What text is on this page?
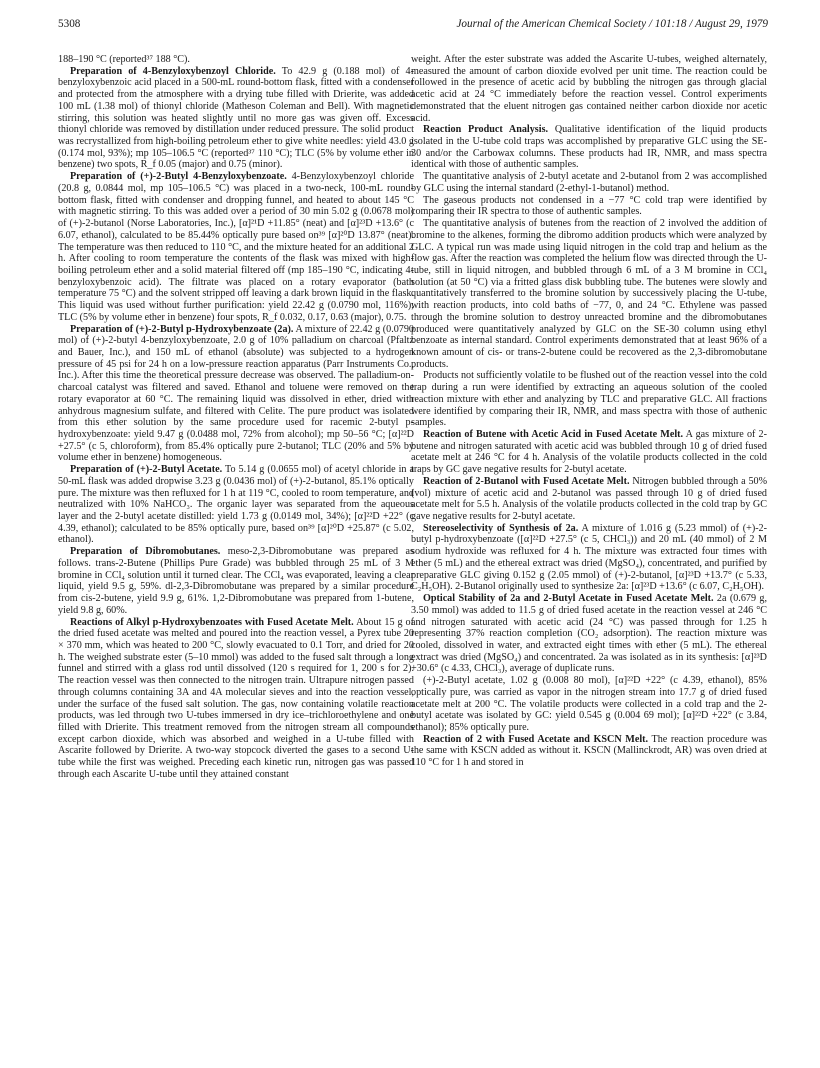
5308	Journal of the American Chemical Society / 101:18 / August 29, 1979

188–190 °C (reported³⁷ 188 °C).

Preparation of 4-Benzyloxybenzoyl Chloride. To 42.9 g (0.188 mol) of 4-benzyloxybenzoic acid placed in a 500-mL round-bottom flask, fitted with a condenser and protected from the atmosphere with a drying tube filled with Drierite, was added 100 mL (1.38 mol) of thionyl chloride (Matheson Coleman and Bell). With magnetic stirring, this solution was heated slightly until no more gas was given off. Excess thionyl chloride was removed by distillation under reduced pressure. The solid product was recrystallized from high-boiling petroleum ether to give white needles: yield 43.0 g (0.174 mol, 93%); mp 105–106.5 °C (reported³⁷ 110 °C); TLC (5% by volume ether in benzene) two spots, R_f 0.05 (major) and 0.75 (minor).

Preparation of (+)-2-Butyl 4-Benzyloxybenzoate. 4-Benzyloxybenzoyl chloride (20.8 g, 0.0844 mol, mp 105–106.5 °C) was placed in a two-neck, 100-mL round-bottom flask, fitted with condenser and dropping funnel, and heated to about 145 °C with magnetic stirring. To this was added over a period of 30 min 5.02 g (0.0678 mol) of (+)-2-butanol (Norse Laboratories, Inc.), [α]²¹D +11.85° (neat) and [α]²³D +13.6° (c 6.07, ethanol), calculated to be 85.44% optically pure based on³⁹ [α]²⁰D 13.87° (neat). The temperature was then reduced to 110 °C, and the mixture heated for an additional 2 h. After cooling to room temperature the contents of the flask was mixed with high-boiling petroleum ether and a solid material filtered off (mp 185–190 °C, indicating 4-benzyloxybenzoic acid). The filtrate was placed on a rotary evaporator (bath temperature 75 °C) and the solvent stripped off leaving a dark brown liquid in the flask. This liquid was used without further purification: yield 22.42 g (0.0790 mol, 116%); TLC (5% by volume ether in benzene) four spots, R_f 0.032, 0.17, 0.63 (major), 0.75.

Preparation of (+)-2-Butyl p-Hydroxybenzoate (2a). A mixture of 22.42 g (0.0790 mol) of (+)-2-butyl 4-benzyloxybenzoate, 2.0 g of 10% palladium on charcoal (Pfaltz and Bauer, Inc.), and 150 mL of ethanol (absolute) was subjected to a hydrogen pressure of 45 psi for 24 h on a low-pressure reaction apparatus (Parr Instruments Co., Inc.). After this time the theoretical pressure decrease was observed. The palladium-on-charcoal catalyst was filtered and saved. Ethanol and toluene were removed on the rotary evaporator at 60 °C. The remaining liquid was dissolved in ether, dried with anhydrous magnesium sulfate, and filtered with Celite. The pure product was isolated from this ether solution by the same procedure used for racemic 2-butyl p-hydroxybenzoate: yield 9.47 g (0.0488 mol, 72% from alcohol); mp 50–56 °C; [α]²²D +27.5° (c 5, chloroform), from 85.4% optically pure 2-butanol; TLC (20% and 5% by volume ether in benzene) homogeneous.

Preparation of (+)-2-Butyl Acetate. To 5.14 g (0.0655 mol) of acetyl chloride in a 50-mL flask was added dropwise 3.23 g (0.0436 mol) of (+)-2-butanol, 85.1% optically pure. The mixture was then refluxed for 1 h at 119 °C, cooled to room temperature, and neutralized with 10% NaHCO₃. The organic layer was separated from the aqueous layer and the 2-butyl acetate distilled: yield 1.73 g (0.0149 mol, 34%); [α]²²D +22° (c 4.39, ethanol); calculated to be 85% optically pure, based on³⁹ [α]²⁰D +25.87° (c 5.02, ethanol).

Preparation of Dibromobutanes. meso-2,3-Dibromobutane was prepared as follows. trans-2-Butene (Phillips Pure Grade) was bubbled through 25 mL of 3 M bromine in CCl₄ solution until it turned clear. The CCl₄ was evaporated, leaving a clear liquid, yield 9.5 g, 59%. dl-2,3-Dibromobutane was prepared by a similar procedure from cis-2-butene, yield 9.9 g, 61%. 1,2-Dibromobutane was prepared from 1-butene, yield 9.8 g, 60%.

Reactions of Alkyl p-Hydroxybenzoates with Fused Acetate Melt. About 15 g of the dried fused acetate was melted and poured into the reaction vessel, a Pyrex tube 20 × 370 mm, which was heated to 200 °C, slowly evacuated to 0.1 Torr, and dried for 20 h. The weighed substrate ester (5–10 mmol) was added to the fused salt through a long funnel and stirred with a glass rod until dissolved (120 s required for 1, 200 s for 2). The reaction vessel was then connected to the nitrogen train. Ultrapure nitrogen passed through columns containing 3A and 4A molecular sieves and into the reaction vessel, under the surface of the fused salt solution. The gas, now containing volatile reaction products, was led through two U-tubes immersed in dry ice–trichloroethylene and one filled with Drierite. This treatment removed from the nitrogen stream all compounds except carbon dioxide, which was absorbed and weighed in a U-tube filled with Ascarite followed by Drierite. A two-way stopcock diverted the gases to a second U-tube while the first was weighed. Preceding each kinetic run, nitrogen gas was passed through each Ascarite U-tube until they attained constant

weight. After the ester substrate was added the Ascarite U-tubes, weighed alternately, measured the amount of carbon dioxide evolved per unit time. The reaction could be followed in the presence of acetic acid by bubbling the nitrogen gas through glacial acetic acid at 24 °C immediately before the reaction vessel. Control experiments demonstrated that the eluent nitrogen gas contained neither carbon dioxide nor acetic acid.

Reaction Product Analysis. Qualitative identification of the liquid products isolated in the U-tube cold traps was accomplished by preparative GLC using the SE-30 and/or the Carbowax columns. These products had IR, NMR, and mass spectra identical with those of authentic samples.

The quantitative analysis of 2-butyl acetate and 2-butanol from 2 was accomplished by GLC using the internal standard (2-ethyl-1-butanol) method.

The gaseous products not condensed in a −77 °C cold trap were identified by comparing their IR spectra to those of authentic samples.

The quantitative analysis of butenes from the reaction of 2 involved the addition of bromine to the alkenes, forming the dibromo addition products which were analyzed by GLC. A typical run was made using liquid nitrogen in the cold trap and helium as the flow gas. After the reaction was completed the helium flow was directed through the U-tube, still in liquid nitrogen, and bubbled through 6 mL of a 3 M bromine in CCl₄ solution (at 50 °C) via a fritted glass disk bubbling tube. The butenes were slowly and quantitatively transferred to the bromine solution by successively placing the U-tube, with reaction products, into cold baths of −77, 0, and 24 °C. Ethylene was passed through the bromine solution to destroy unreacted bromine and the dibromobutanes produced were quantitatively analyzed by GLC on the SE-30 column using ethyl benzoate as internal standard. Control experiments demonstrated that at least 96% of a known amount of cis- or trans-2-butene could be recovered as the 2,3-dibromobutane products.

Products not sufficiently volatile to be flushed out of the reaction vessel into the cold trap during a run were identified by extracting an aqueous solution of the cooled reaction mixture with ether and analyzing by TLC and preparative GLC. All fractions were identified by comparing their IR, NMR, and mass spectra with those of authenic samples.

Reaction of Butene with Acetic Acid in Fused Acetate Melt. A gas mixture of 2-butene and nitrogen saturated with acetic acid was bubbled through 10 g of dried fused acetate melt at 246 °C for 4 h. Analysis of the volatile products collected in the cold traps by GC gave negative results for 2-butyl acetate.

Reaction of 2-Butanol with Fused Acetate Melt. Nitrogen bubbled through a 50% (vol) mixture of acetic acid and 2-butanol was passed through 10 g of dried fused acetate melt for 5.5 h. Analysis of the volatile products collected in the cold trap by GC gave negative results for 2-butyl acetate.

Stereoselectivity of Synthesis of 2a. A mixture of 1.016 g (5.23 mmol) of (+)-2-butyl p-hydroxybenzoate ([α]²²D +27.5° (c 5, CHCl₃)) and 20 mL (40 mmol) of 2 M sodium hydroxide was refluxed for 4 h. The mixture was extracted four times with ether (5 mL) and the ethereal extract was dried (MgSO₄), concentrated, and purified by preparative GLC giving 0.152 g (2.05 mmol) of (+)-2-butanol, [α]²³D +13.7° (c 5.33, C₂H₅OH). 2-Butanol originally used to synthesize 2a: [α]²³D +13.6° (c 6.07, C₂H₅OH).

Optical Stability of 2a and 2-Butyl Acetate in Fused Acetate Melt. 2a (0.679 g, 3.50 mmol) was added to 11.5 g of dried fused acetate in the reaction vessel at 246 °C and nitrogen saturated with acetic acid (24 °C) was passed through for 1.25 h representing 37% reaction completion (CO₂ adsorption). The reaction mixture was cooled, dissolved in water, and extracted eight times with ether (5 mL). The ethereal extract was dried (MgSO₄) and concentrated. 2a was isolated as in its synthesis: [α]²³D +30.6° (c 4.33, CHCl₃), average of duplicate runs.

(+)-2-Butyl acetate, 1.02 g (0.008 80 mol), [α]²²D +22° (c 4.39, ethanol), 85% optically pure, was carried as vapor in the nitrogen stream into 17.7 g of dried fused acetate melt at 200 °C. The volatile products were collected in a cold trap and the 2-butyl acetate was isolated by GC: yield 0.545 g (0.004 69 mol); [α]²²D +22° (c 3.84, ethanol); 85% optically pure.

Reaction of 2 with Fused Acetate and KSCN Melt. The reaction procedure was the same with KSCN added as without it. KSCN (Mallinckrodt, AR) was oven dried at 110 °C for 1 h and stored in
